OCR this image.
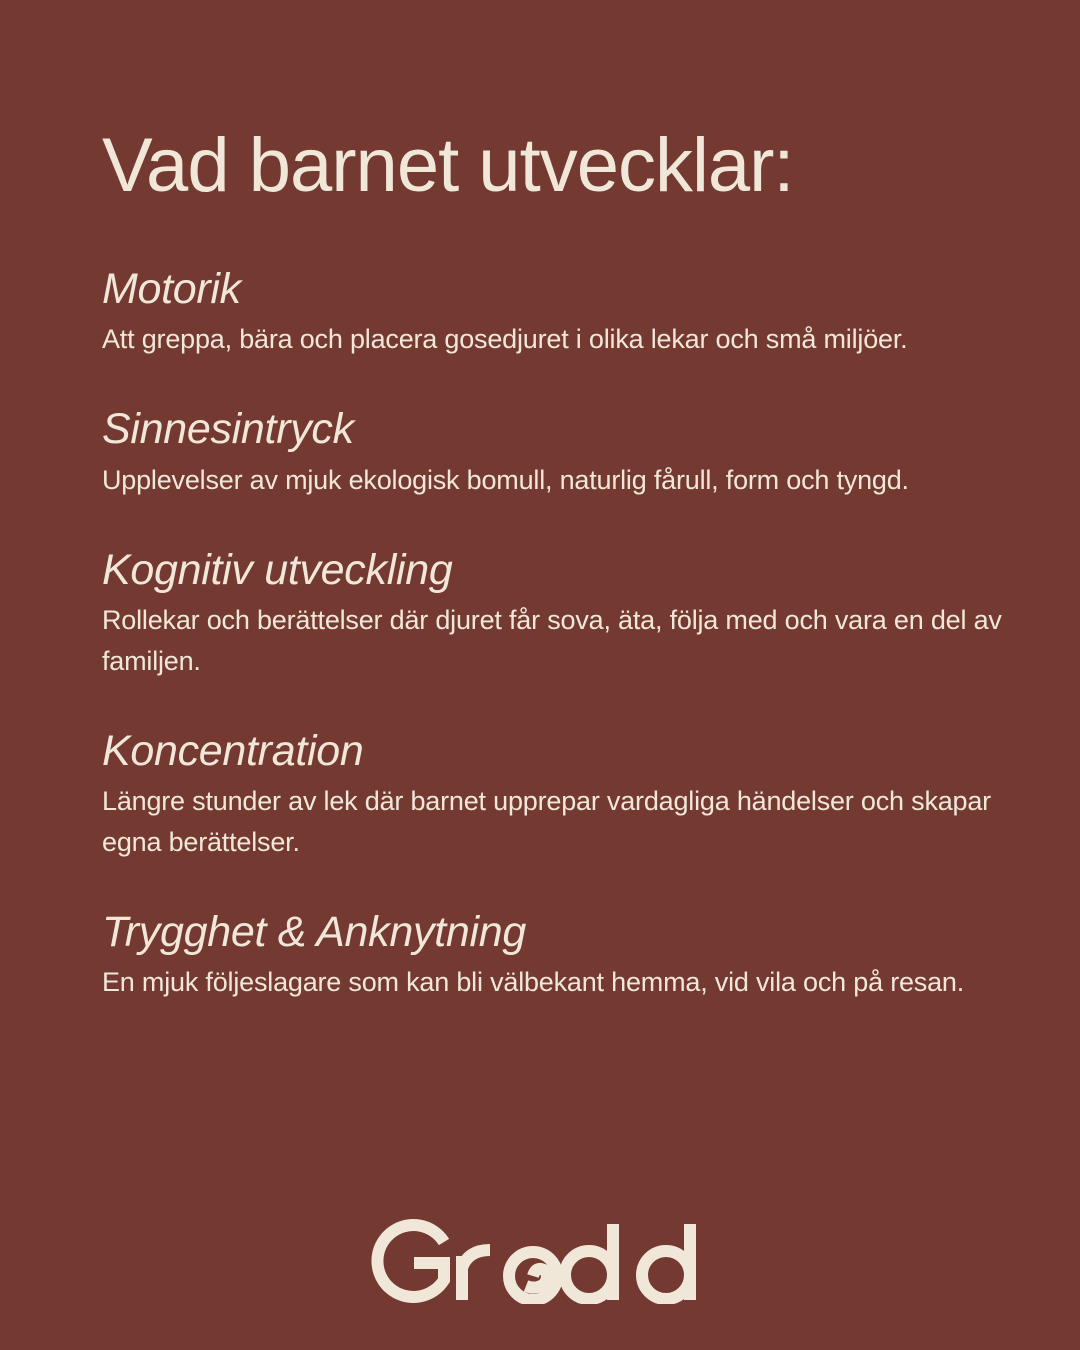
Vad barnet utvecklar:
Motorik

Att greppa, bära och placera gosedjuret i olika lekar och små miljöer.

Sinnesintryck

Upplevelser av mjuk ekologisk bomull, naturlig fårull, form och tyngd.

Kognitiv utveckling

Rollekar och berättelser där djuret får sova, äta, följa med och vara en del av familjen.

Koncentration

Längre stunder av lek där barnet upprepar vardagliga händelser och skapar egna berättelser.

Trygghet & Anknytning

En mjuk följeslagare som kan bli välbekant hemma, vid vila och på resan.
